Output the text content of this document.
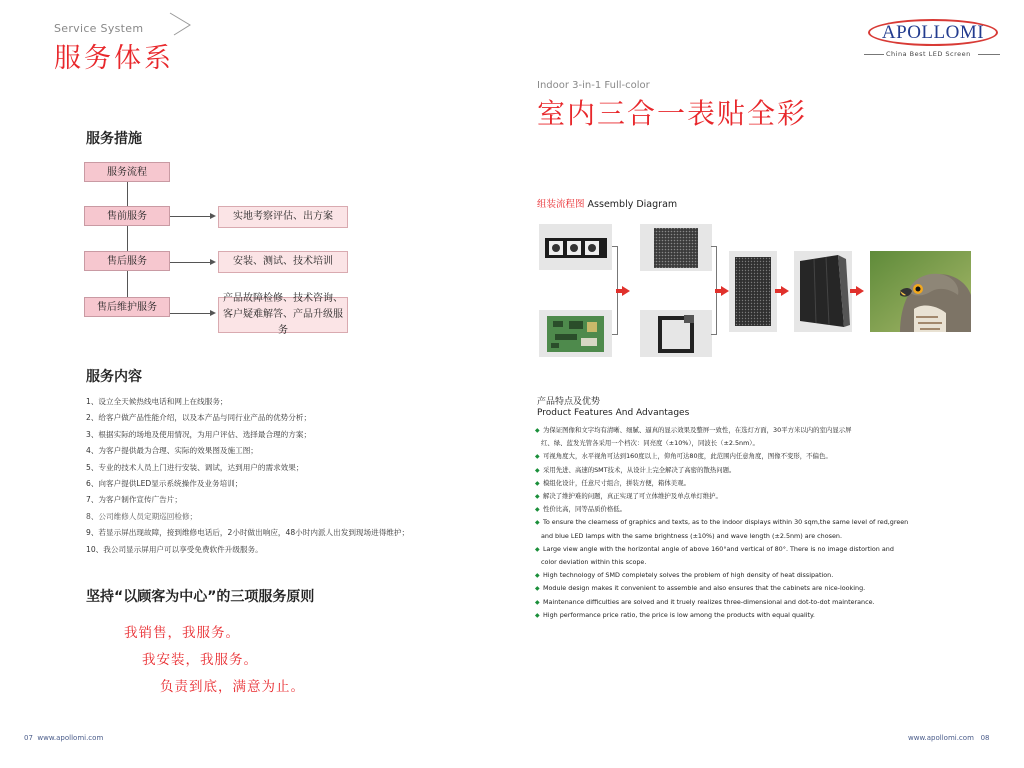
Service System
服务体系
服务措施
服务流程
售前服务	实地考察评估、出方案
售后服务	安装、测试、技术培训
售后维护服务
产品故障检修、技术咨询、
客户疑难解答、产品升级服务
服务内容
1、设立全天候热线电话和网上在线服务；
2、给客户做产品性能介绍，以及本产品与同行业产品的优势分析；
3、根据实际的场地及使用情况，为用户评估、选择最合理的方案；
4、为客户提供最为合理、实际的效果图及施工图；
5、专业的技术人员上门进行安装、调试，达到用户的需求效果；
6、向客户提供LED显示系统操作及业务培训；
7、为客户制作宣传广告片；
8、公司维修人员定期巡回检修；
9、若显示屏出现故障，接到维修电话后，2小时做出响应，48小时内派人出发到现场进得维护；
10、我公司显示屏用户可以享受免费软件升级服务。
坚持“以顾客为中心”的三项服务原则
我销售，我服务。
我安装，我服务。
负责到底，满意为止。
07 www.apollomi.com
APOLLOMI
China Best LED Screen
Indoor 3-in-1 Full-color
室内三合一表贴全彩
组装流程图 Assembly Diagram
产品特点及优势
Product Features And Advantages
◆ 为保证图像和文字均有清晰、细腻、逼真的显示效果及整屏一致性，在选灯方面，30平方米以内的室内显示屏
红、绿、蓝发光管各采用一个档次：同亮度（±10%），同波长（±2.5nm）。
◆ 可视角度大，水平视角可达到160度以上，仰角可达80度，此范围内任意角度，图像不变形，不偏色。
◆ 采用先进、高速的SMT技术，从设计上完全解决了高密的散热问题。
◆ 模组化设计，任意尺寸组合，拼装方便，箱体美观。
◆ 解决了维护难的问题，真正实现了可立体维护及单点单灯维护。
◆ 性价比高，同等品质价格低。
◆ To ensure the clearness of graphics and texts, as to the indoor displays within 30 sqm,the same level of red,green
and blue LED lamps with the same brightness (±10%) and wave length (±2.5nm) are chosen.
◆ Large view angle with the horizontal angle of above 160°and vertical of 80°. There is no image distortion and
color deviation within this scope.
◆ High technology of SMD completely solves the problem of high density of heat dissipation.
◆ Module design makes it convenient to assemble and also ensures that the cabinets are nice-looking.
◆ Maintenance difficulties are solved and it truely realizes three-dimensional and dot-to-dot mainterance.
◆ High performance price ratio, the price is low among the products with equal quality.
www.apollomi.com 08
